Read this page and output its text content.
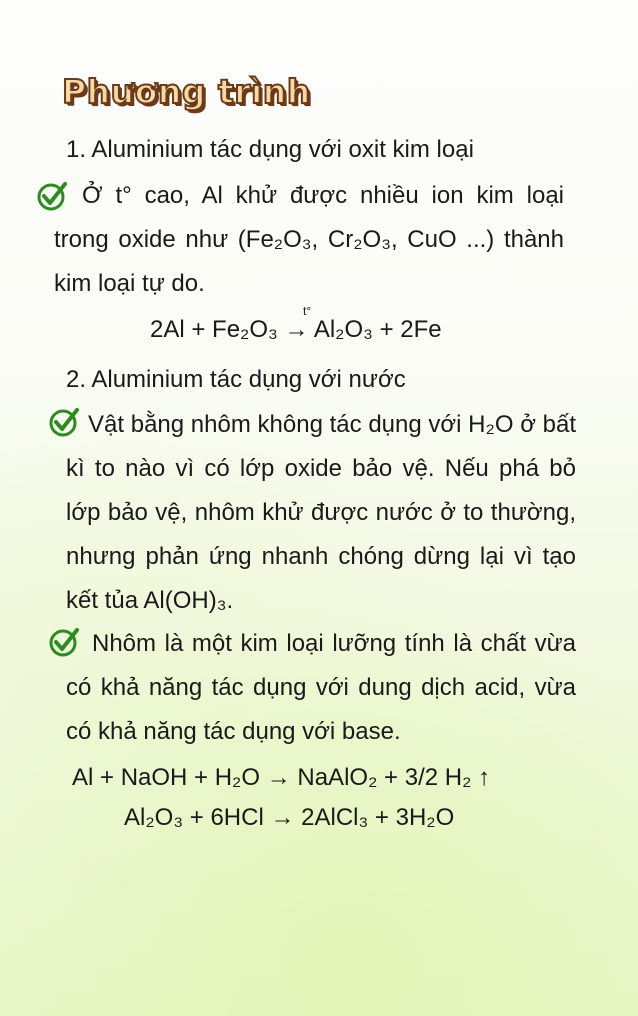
Phương trình
1. Aluminium tác dụng với oxit kim loại
Ở t° cao, Al khử được nhiều ion kim loại trong oxide như (Fe₂O₃, Cr₂O₃, CuO ...) thành kim loại tự do.
t°
2Al + Fe₂O₃ → Al₂O₃ + 2Fe
2. Aluminium tác dụng với nước
Vật bằng nhôm không tác dụng với H₂O ở bất kì to nào vì có lớp oxide bảo vệ. Nếu phá bỏ lớp bảo vệ, nhôm khử được nước ở to thường, nhưng phản ứng nhanh chóng dừng lại vì tạo kết tủa Al(OH)₃.
Nhôm là một kim loại lưỡng tính là chất vừa có khả năng tác dụng với dung dịch acid, vừa có khả năng tác dụng với base.
Al + NaOH + H₂O → NaAlO₂ + 3/2 H₂ ↑
Al₂O₃ + 6HCl → 2AlCl₃ + 3H₂O
